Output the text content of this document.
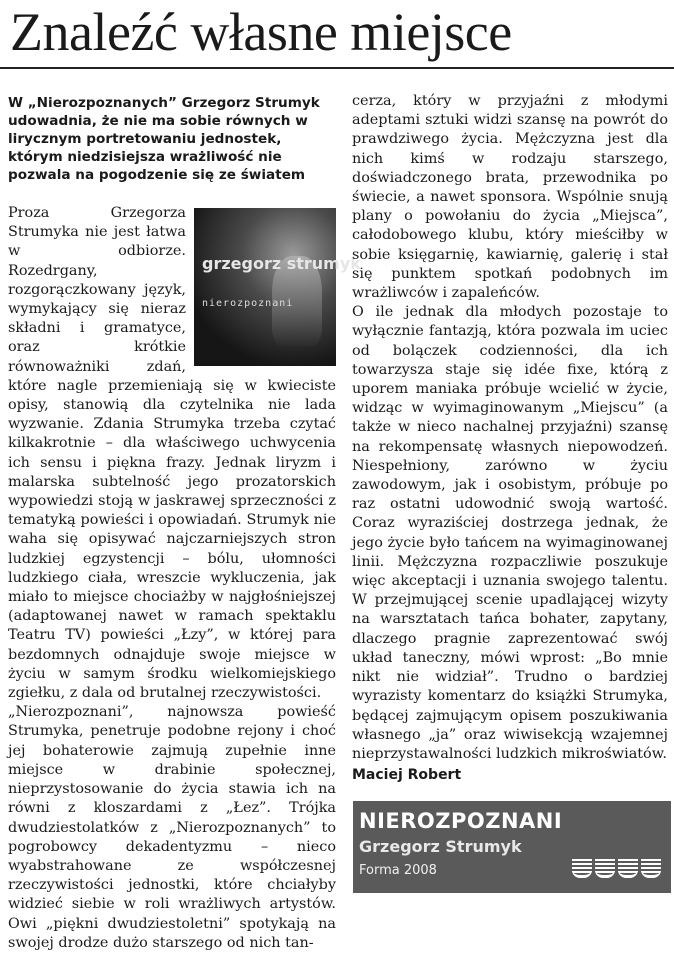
Znaleźć własne miejsce
W „Nierozpoznanych” Grzegorz Strumyk udowadnia, że nie ma sobie równych w lirycznym portretowaniu jednostek, którym niedzisiejsza wrażliwość nie pozwala na pogodzenie się ze światem
grzegorz strumyk
nierozpoznani

Proza Grzegorza Strumyka nie jest łatwa w odbiorze. Rozedrgany, rozgorączkowany język, wymykający się nieraz składni i gramatyce, oraz krótkie równoważniki zdań, które nagle przemieniają się w kwieciste opisy, stanowią dla czytelnika nie lada wyzwanie. Zdania Strumyka trzeba czytać kilkakrotnie – dla właściwego uchwycenia ich sensu i piękna frazy. Jednak liryzm i malarska subtelność jego prozatorskich wypowiedzi stoją w jaskrawej sprzeczności z tematyką powieści i opowiadań. Strumyk nie waha się opisywać najczarniejszych stron ludzkiej egzystencji – bólu, ułomności ludzkiego ciała, wreszcie wykluczenia, jak miało to miejsce chociażby w najgłośniejszej (adaptowanej nawet w ramach spektaklu Teatru TV) powieści „Łzy”, w której para bezdomnych odnajduje swoje miejsce w życiu w samym środku wielkomiejskiego zgiełku, z dala od brutalnej rzeczywistości.

„Nierozpoznani”, najnowsza powieść Strumyka, penetruje podobne rejony i choć jej bohaterowie zajmują zupełnie inne miejsce w drabinie społecznej, nieprzystosowanie do życia stawia ich na równi z kloszardami z „Łez”. Trójka dwudziestolatków z „Nierozpoznanych” to pogrobowcy dekadentyzmu – nieco wyabstrahowane ze współczesnej rzeczywistości jednostki, które chciałyby widzieć siebie w roli wrażliwych artystów. Owi „piękni dwudziestoletni” spotykają na swojej drodze dużo starszego od nich tan-

cerza, który w przyjaźni z młodymi adeptami sztuki widzi szansę na powrót do prawdziwego życia. Mężczyzna jest dla nich kimś w rodzaju starszego, doświadczonego brata, przewodnika po świecie, a nawet sponsora. Wspólnie snują plany o powołaniu do życia „Miejsca”, całodobowego klubu, który mieściłby w sobie księgarnię, kawiarnię, galerię i stał się punktem spotkań podobnych im wrażliwców i zapaleńców.

O ile jednak dla młodych pozostaje to wyłącznie fantazją, która pozwala im uciec od bolączek codzienności, dla ich towarzysza staje się idée fixe, którą z uporem maniaka próbuje wcielić w życie, widząc w wyimaginowanym „Miejscu” (a także w nieco nachalnej przyjaźni) szansę na rekompensatę własnych niepowodzeń. Niespełniony, zarówno w życiu zawodowym, jak i osobistym, próbuje po raz ostatni udowodnić swoją wartość. Coraz wyraziściej dostrzega jednak, że jego życie było tańcem na wyimaginowanej linii. Mężczyzna rozpaczliwie poszukuje więc akceptacji i uznania swojego talentu. W przejmującej scenie upadlającej wizyty na warsztatach tańca bohater, zapytany, dlaczego pragnie zaprezentować swój układ taneczny, mówi wprost: „Bo mnie nikt nie widział”. Trudno o bardziej wyrazisty komentarz do książki Strumyka, będącej zajmującym opisem poszukiwania własnego „ja” oraz wiwisekcją wzajemnej nieprzystawalności ludzkich mikroświatów.

Maciej Robert
NIEROZPOZNANI
Grzegorz Strumyk
Forma 2008
